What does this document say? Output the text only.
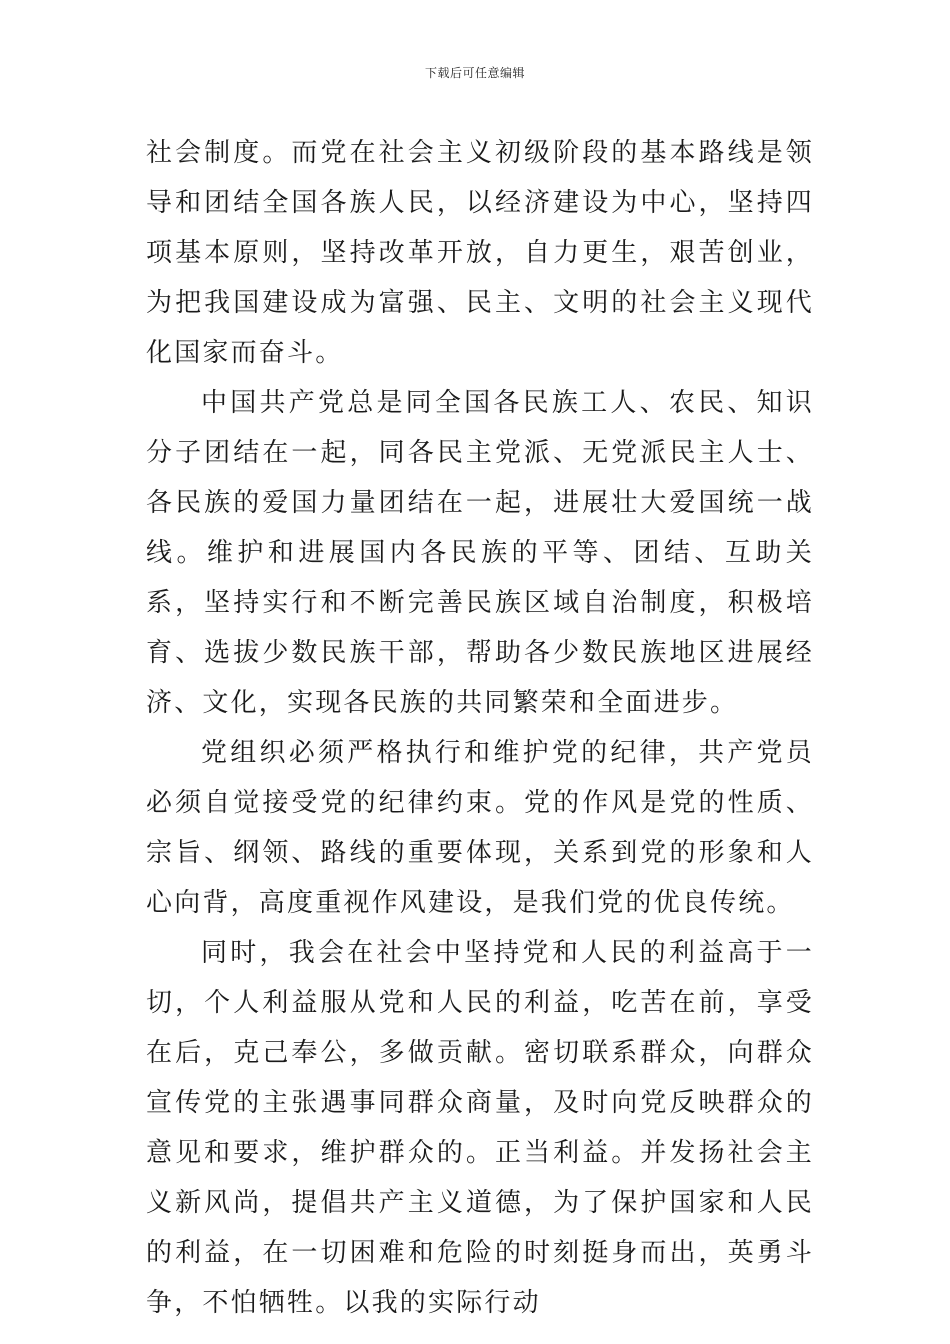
下载后可任意编辑

社会制度。而党在社会主义初级阶段的基本路线是领导和团结全国各族人民，以经济建设为中心，坚持四项基本原则，坚持改革开放，自力更生，艰苦创业，为把我国建设成为富强、民主、文明的社会主义现代化国家而奋斗。

中国共产党总是同全国各民族工人、农民、知识分子团结在一起，同各民主党派、无党派民主人士、各民族的爱国力量团结在一起，进展壮大爱国统一战线。维护和进展国内各民族的平等、团结、互助关系，坚持实行和不断完善民族区域自治制度，积极培育、选拔少数民族干部，帮助各少数民族地区进展经济、文化，实现各民族的共同繁荣和全面进步。

党组织必须严格执行和维护党的纪律，共产党员必须自觉接受党的纪律约束。党的作风是党的性质、宗旨、纲领、路线的重要体现，关系到党的形象和人心向背，高度重视作风建设，是我们党的优良传统。

同时，我会在社会中坚持党和人民的利益高于一切，个人利益服从党和人民的利益，吃苦在前，享受在后，克己奉公，多做贡献。密切联系群众，向群众宣传党的主张遇事同群众商量，及时向党反映群众的意见和要求，维护群众的。正当利益。并发扬社会主义新风尚，提倡共产主义道德，为了保护国家和人民的利益，在一切困难和危险的时刻挺身而出，英勇斗争，不怕牺牲。以我的实际行动
